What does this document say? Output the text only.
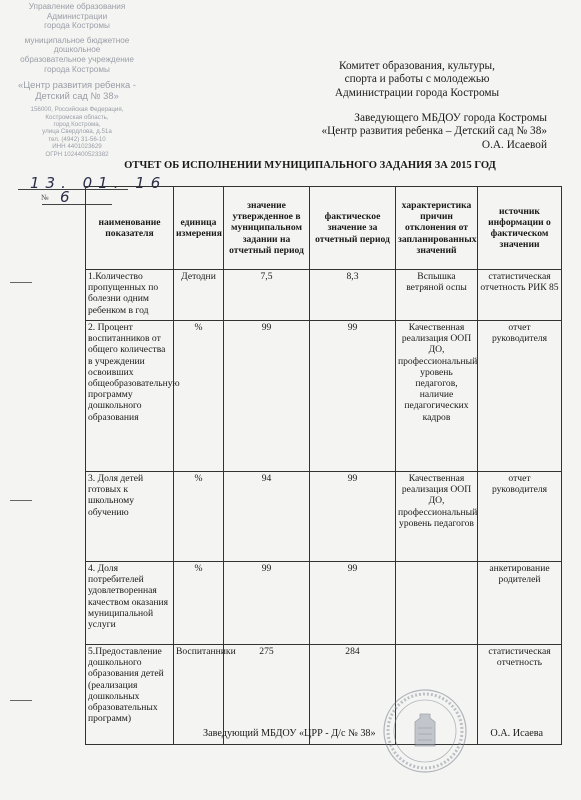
Управление образования
Администрации
города Костромы
муниципальное бюджетное
дошкольное
образовательное учреждение
города Костромы
«Центр развития ребенка -
Детский сад № 38»
156000, Российская Федерация,
Костромская область,
город Кострома,
улица Свердлова, д.51а
тел. (4942) 31-56-10
ИНН 4401023629
ОГРН 1024400523382
13. 01. 16
№ 6
Комитет образования, культуры,
спорта и работы с молодежью
Администрации города Костромы
Заведующего МБДОУ города Костромы
«Центр развития ребенка – Детский сад № 38»
О.А. Исаевой
ОТЧЕТ ОБ ИСПОЛНЕНИИ МУНИЦИПАЛЬНОГО ЗАДАНИЯ ЗА 2015 ГОД
наименование показателя	единица измерения	значение утвержденное в муниципальном задании на отчетный период	фактическое значение за отчетный период	характеристика причин отклонения от запланированных значений	источник информации о фактическом значении
1.Количество пропущенных по болезни одним ребенком в год	Детодни	7,5	8,3	Вспышка ветряной оспы	статистическая отчетность РИК 85
2. Процент воспитанников от общего количества в учреждении освоивших общеобразовательную программу дошкольного образования	%	99	99	Качественная реализация ООП ДО, профессиональный уровень педагогов, наличие педагогических кадров	отчет руководителя
3. Доля детей готовых к школьному обучению	%	94	99	Качественная реализация ООП ДО, профессиональный уровень педагогов	отчет руководителя
4. Доля потребителей удовлетворенная качеством оказания муниципальной услуги	%	99	99		анкетирование родителей
5.Предоставление дошкольного образования детей (реализация дошкольных образовательных программ)	Воспитанники	275	284		статистическая отчетность
Заведующий МБДОУ «ЦРР - Д/с № 38»	О.А. Исаева
